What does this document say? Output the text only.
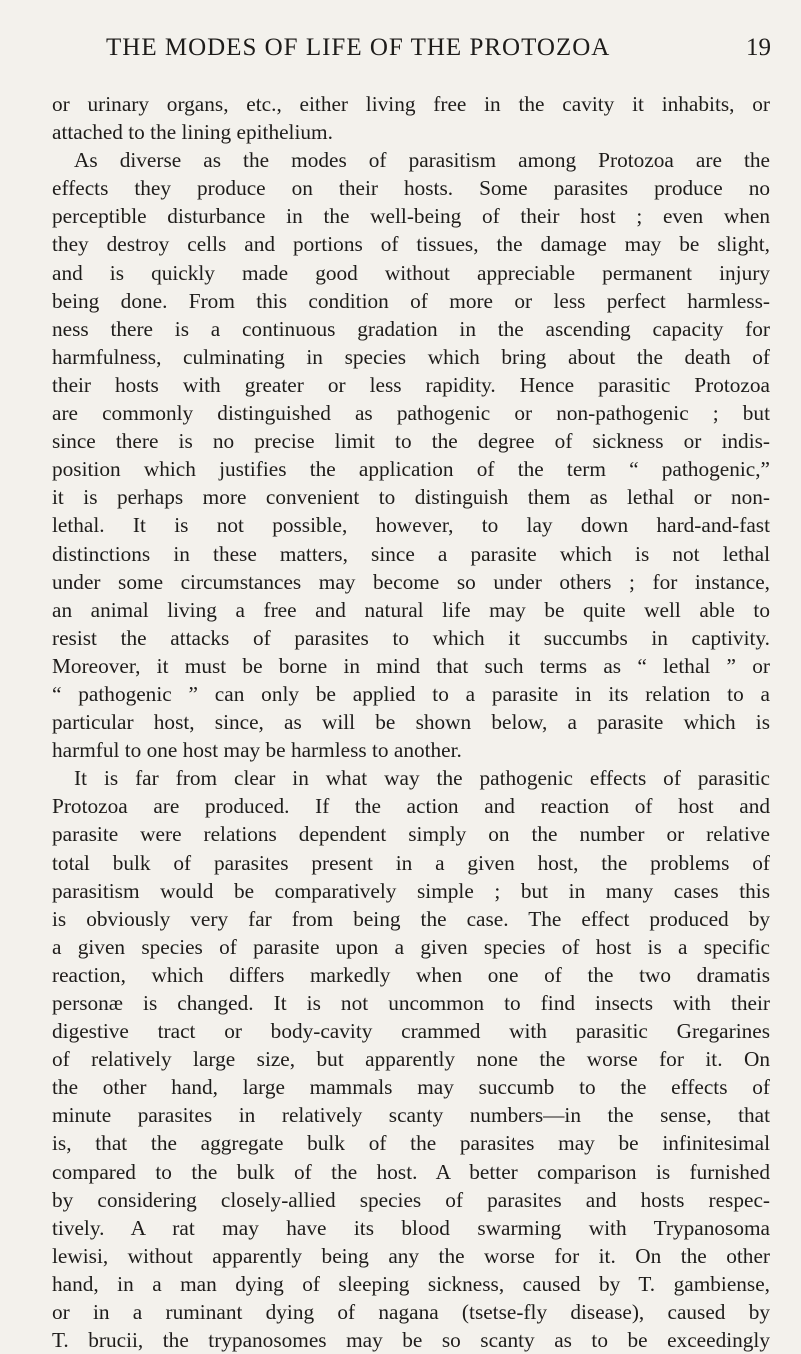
THE MODES OF LIFE OF THE PROTOZOA	19
or urinary organs, etc., either living free in the cavity it inhabits, or
attached to the lining epithelium.
As diverse as the modes of parasitism among Protozoa are the
effects they produce on their hosts. Some parasites produce no
perceptible disturbance in the well-being of their host ; even when
they destroy cells and portions of tissues, the damage may be slight,
and is quickly made good without appreciable permanent injury
being done. From this condition of more or less perfect harmless-
ness there is a continuous gradation in the ascending capacity for
harmfulness, culminating in species which bring about the death of
their hosts with greater or less rapidity. Hence parasitic Protozoa
are commonly distinguished as pathogenic or non-pathogenic ; but
since there is no precise limit to the degree of sickness or indis-
position which justifies the application of the term “ pathogenic,”
it is perhaps more convenient to distinguish them as lethal or non-
lethal. It is not possible, however, to lay down hard-and-fast
distinctions in these matters, since a parasite which is not lethal
under some circumstances may become so under others ; for instance,
an animal living a free and natural life may be quite well able to
resist the attacks of parasites to which it succumbs in captivity.
Moreover, it must be borne in mind that such terms as “ lethal ” or
“ pathogenic ” can only be applied to a parasite in its relation to a
particular host, since, as will be shown below, a parasite which is
harmful to one host may be harmless to another.
It is far from clear in what way the pathogenic effects of parasitic
Protozoa are produced. If the action and reaction of host and
parasite were relations dependent simply on the number or relative
total bulk of parasites present in a given host, the problems of
parasitism would be comparatively simple ; but in many cases this
is obviously very far from being the case. The effect produced by
a given species of parasite upon a given species of host is a specific
reaction, which differs markedly when one of the two dramatis
personæ is changed. It is not uncommon to find insects with their
digestive tract or body-cavity crammed with parasitic Gregarines
of relatively large size, but apparently none the worse for it. On
the other hand, large mammals may succumb to the effects of
minute parasites in relatively scanty numbers—in the sense, that
is, that the aggregate bulk of the parasites may be infinitesimal
compared to the bulk of the host. A better comparison is furnished
by considering closely-allied species of parasites and hosts respec-
tively. A rat may have its blood swarming with Trypanosoma
lewisi, without apparently being any the worse for it. On the other
hand, in a man dying of sleeping sickness, caused by T. gambiense,
or in a ruminant dying of nagana (tsetse-fly disease), caused by
T. brucii, the trypanosomes may be so scanty as to be exceedingly
